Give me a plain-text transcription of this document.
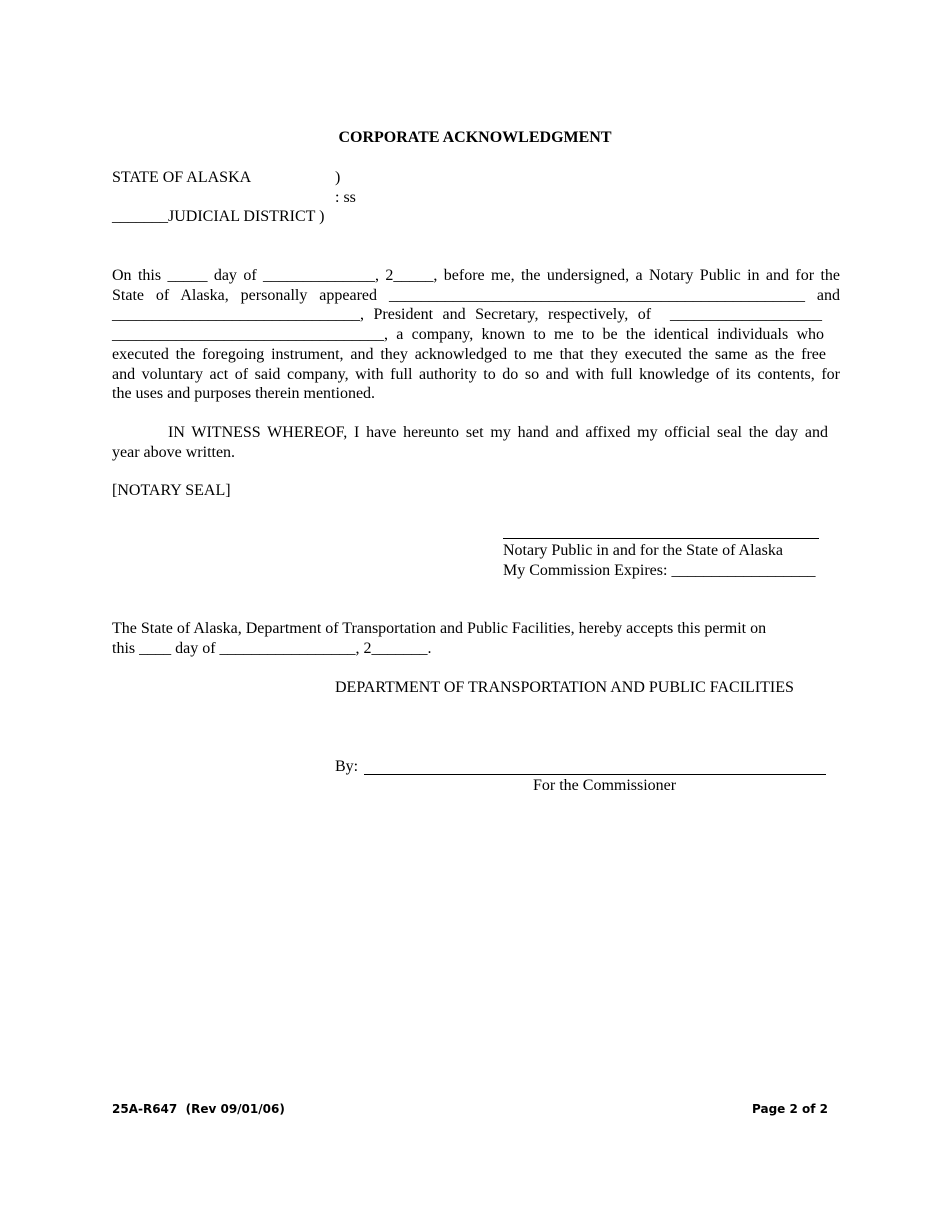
CORPORATE ACKNOWLEDGMENT
STATE OF ALASKA	)
: ss
_______JUDICIAL DISTRICT )
On this _____ day of ______________, 2_____, before me, the undersigned, a Notary Public in and for the
State of Alaska, personally appeared ____________________________________________________ and
_______________________________, President and Secretary, respectively, of  ___________________
__________________________________, a company, known to me to be the identical individuals who
executed the foregoing instrument, and they acknowledged to me that they executed the same as the free
and voluntary act of said company, with full authority to do so and with full knowledge of its contents, for
the uses and purposes therein mentioned.
IN WITNESS WHEREOF, I have hereunto set my hand and affixed my official seal the day and
year above written.
[NOTARY SEAL]
Notary Public in and for the State of Alaska
My Commission Expires: __________________
The State of Alaska, Department of Transportation and Public Facilities, hereby accepts this permit on
this ____ day of _________________, 2_______.
DEPARTMENT OF TRANSPORTATION AND PUBLIC FACILITIES
By:
For the Commissioner
25A-R647  (Rev 09/01/06)	Page 2 of 2
